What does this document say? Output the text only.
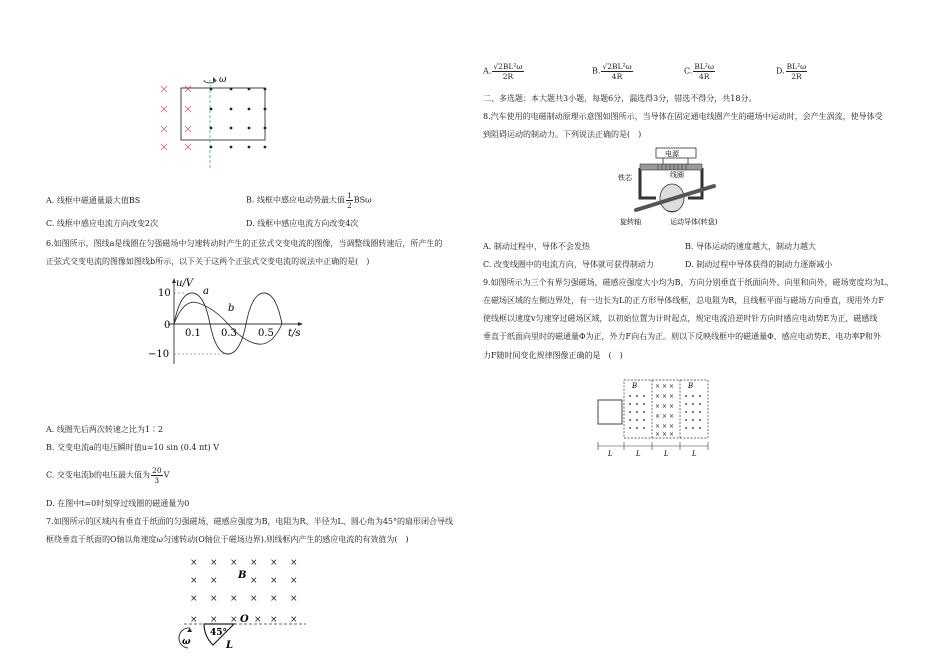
ω
A. 线框中磁通量最大值BS	B. 线框中感应电动势最大值 $\frac{1}{2}$ BSω
C. 线框中感应电流方向改变2次	D. 线框中感应电流方向改变4次
6.如图所示，图线a是线圈在匀强磁场中匀速转动时产生的正弦式交变电流的图像，当调整线圈转速后，所产生的
正弦式交变电流的图像如图线b所示，以下关于这两个正弦式交变电流的说法中正确的是(　)
u/V
t/s
10
−10
0
0.1 0.3 0.5
a
b
A. 线圈先后两次转速之比为1∶2
B. 交变电流a的电压瞬时值u=10 sin (0.4 πt) V
C. 交变电流b的电压最大值为 $\frac{20}{3}$ V
D. 在图中t=0时刻穿过线圈的磁通量为0
7.如图所示的区域内有垂直于纸面的匀强磁场，磁感应强度为B，电阻为R、半径为L、圆心角为45°的扇形闭合导线
框绕垂直于纸面的O轴以角速度ω匀速转动(O轴位于磁场边界).则线框内产生的感应电流的有效值为(　)
× × × × × ×
× ×	× × ×
× × × × × ×
× × × × × ×
B
O
45°
ω	L
A. $\frac{\text{√2BL²ω}}{2R}$	B. $\frac{\text{√2BL²ω}}{4R}$	C. $\frac{\text{BL²ω}}{4R}$	D. $\frac{\text{BL²ω}}{2R}$
二、多选题：本大题共3小题，每题6分，漏选得3分，错选不得分，共18分。
8.汽车使用的电磁制动原理示意图如图所示，当导体在固定通电线圈产生的磁场中运动时，会产生涡流，使导体受
到阻碍运动的制动力。下列说法正确的是(　)
电源
线圈
铁芯
旋转轴	运动导体(转盘)
A. 制动过程中，导体不会发热	B. 导体运动的速度越大，制动力越大
C. 改变线圈中的电流方向，导体就可获得制动力	D. 制动过程中导体获得的制动力逐渐减小
9.如图所示为三个有界匀强磁场，磁感应强度大小均为B，方向分别垂直于纸面向外、向里和向外，磁场宽度均为L，
在磁场区域的左侧边界处，有一边长为L的正方形导体线框，总电阻为R，且线框平面与磁场方向垂直，现用外力F
使线框以速度v匀速穿过磁场区域，以初始位置为计时起点，规定电流沿逆时针方向时感应电动势E为正，磁感线
垂直于纸面向里时的磁通量Φ为正，外力F向右为正。则以下反映线框中的磁通量Φ、感应电动势E、电功率P和外
力F随时间变化规律图像正确的是　(　)
× × ×
× × ×
× × ×
× × ×
× × ×
× × ×
B	B
L	L	L	L
